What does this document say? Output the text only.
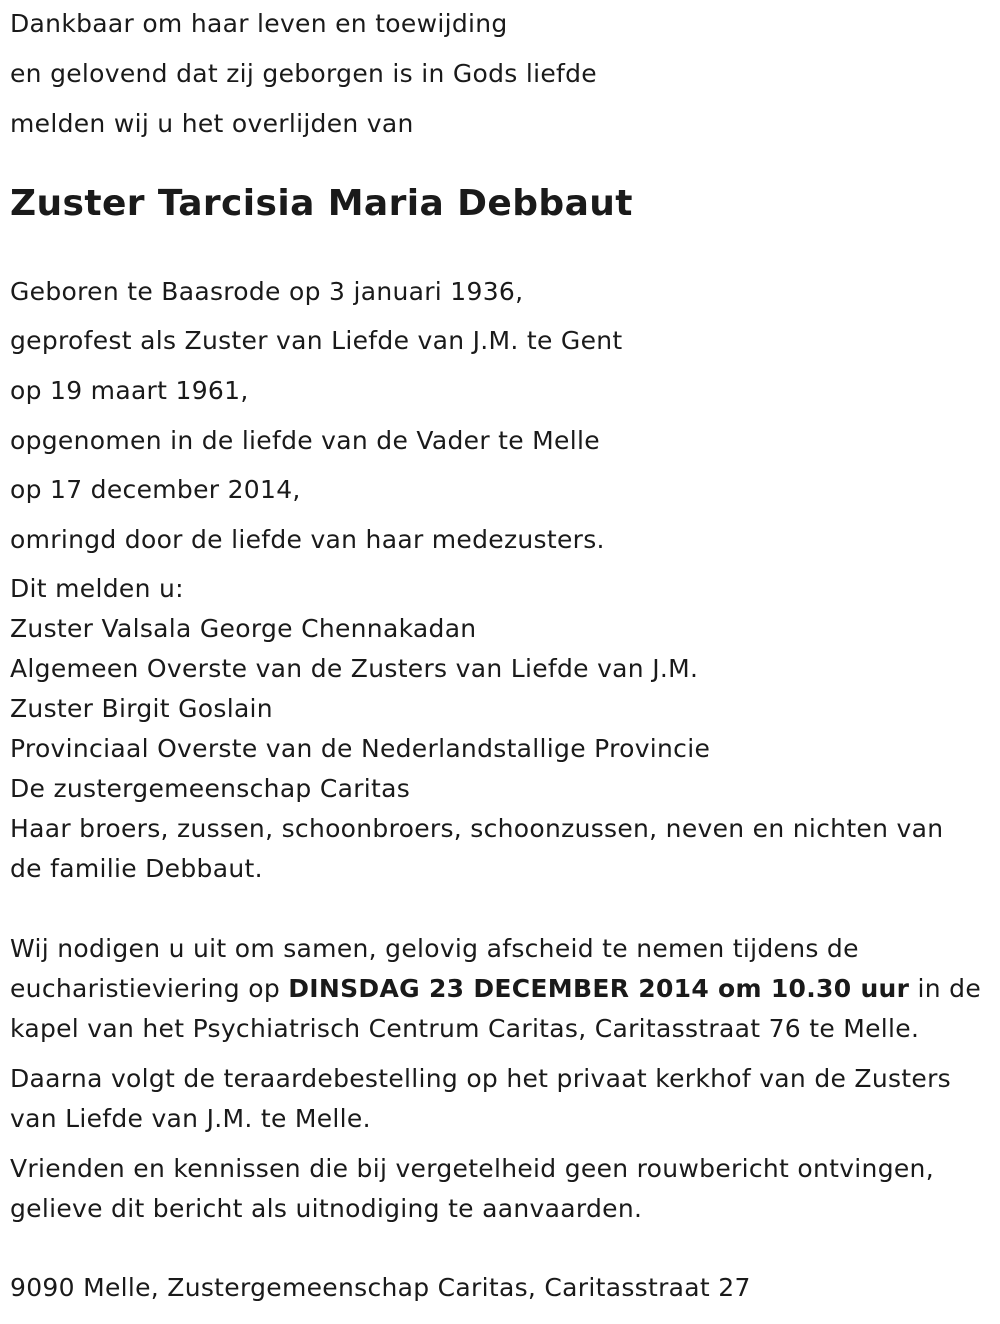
Dankbaar om haar leven en toewijding
en gelovend dat zij geborgen is in Gods liefde
melden wij u het overlijden van
Zuster Tarcisia Maria Debbaut
Geboren te Baasrode op 3 januari 1936,
geprofest als Zuster van Liefde van J.M. te Gent
op 19 maart 1961,
opgenomen in de liefde van de Vader te Melle
op 17 december 2014,
omringd door de liefde van haar medezusters.
Dit melden u:
Zuster Valsala George Chennakadan
Algemeen Overste van de Zusters van Liefde van J.M.
Zuster Birgit Goslain
Provinciaal Overste van de Nederlandstallige Provincie
De zustergemeenschap Caritas
Haar broers, zussen, schoonbroers, schoonzussen, neven en nichten van
de familie Debbaut.
Wij nodigen u uit om samen, gelovig afscheid te nemen tijdens de
eucharistieviering op DINSDAG 23 DECEMBER 2014 om 10.30 uur in de
kapel van het Psychiatrisch Centrum Caritas, Caritasstraat 76 te Melle.
Daarna volgt de teraardebestelling op het privaat kerkhof van de Zusters
van Liefde van J.M. te Melle.
Vrienden en kennissen die bij vergetelheid geen rouwbericht ontvingen,
gelieve dit bericht als uitnodiging te aanvaarden.
9090 Melle, Zustergemeenschap Caritas, Caritasstraat 27
